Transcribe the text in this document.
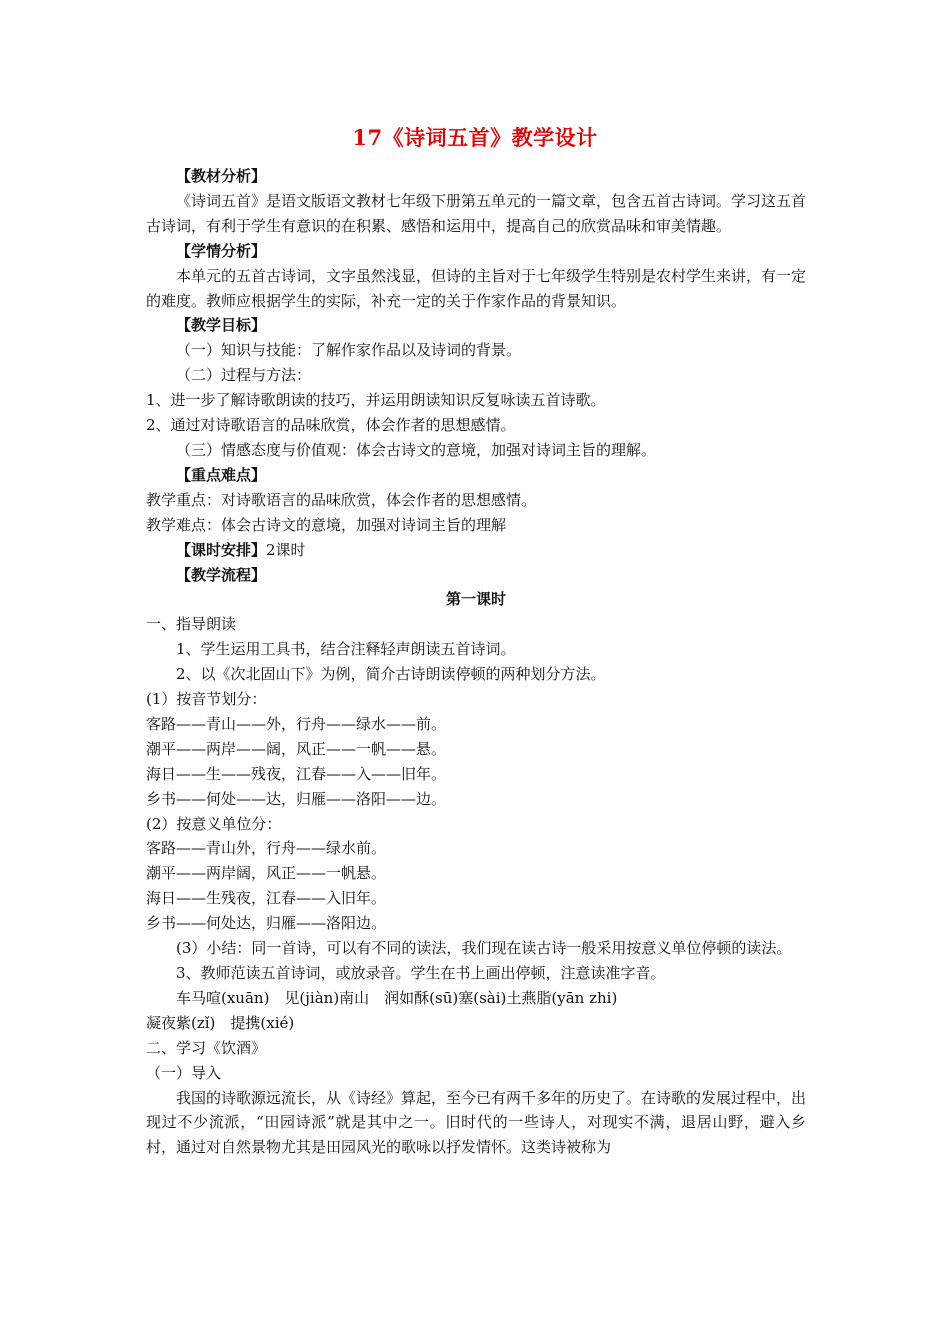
17《诗词五首》教学设计
【教材分析】
《诗词五首》是语文版语文教材七年级下册第五单元的一篇文章，包含五首古诗词。学习这五首古诗词，有利于学生有意识的在积累、感悟和运用中，提高自己的欣赏品味和审美情趣。
【学情分析】
本单元的五首古诗词，文字虽然浅显，但诗的主旨对于七年级学生特别是农村学生来讲，有一定的难度。教师应根据学生的实际，补充一定的关于作家作品的背景知识。
【教学目标】
（一）知识与技能：了解作家作品以及诗词的背景。
（二）过程与方法：
1、进一步了解诗歌朗读的技巧，并运用朗读知识反复咏读五首诗歌。
2、通过对诗歌语言的品味欣赏，体会作者的思想感情。
（三）情感态度与价值观：体会古诗文的意境，加强对诗词主旨的理解。
【重点难点】
教学重点：对诗歌语言的品味欣赏，体会作者的思想感情。
教学难点：体会古诗文的意境，加强对诗词主旨的理解
【课时安排】2课时
【教学流程】
第一课时
一、指导朗读
1、学生运用工具书，结合注释轻声朗读五首诗词。
2、以《次北固山下》为例，简介古诗朗读停顿的两种划分方法。
(1）按音节划分：
客路——青山——外，行舟——绿水——前。
潮平——两岸——阔，风正——一帆——悬。
海日——生——残夜，江春——入——旧年。
乡书——何处——达，归雁——洛阳——边。
(2）按意义单位分：
客路——青山外，行舟——绿水前。
潮平——两岸阔，风正——一帆悬。
海日——生残夜，江春——入旧年。
乡书——何处达，归雁——洛阳边。
(3）小结：同一首诗，可以有不同的读法，我们现在读古诗一般采用按意义单位停顿的读法。
3、教师范读五首诗词，或放录音。学生在书上画出停顿，注意读准字音。
车马喧(xuān)　见(jiàn)南山　润如酥(sū)塞(sài)土燕脂(yān zhi)
凝夜紫(zǐ)　提携(xié)
二、学习《饮酒》
（一）导入
我国的诗歌源远流长，从《诗经》算起，至今已有两千多年的历史了。在诗歌的发展过程中，出现过不少流派，“田园诗派”就是其中之一。旧时代的一些诗人，对现实不满，退居山野，避入乡村，通过对自然景物尤其是田园风光的歌咏以抒发情怀。这类诗被称为
